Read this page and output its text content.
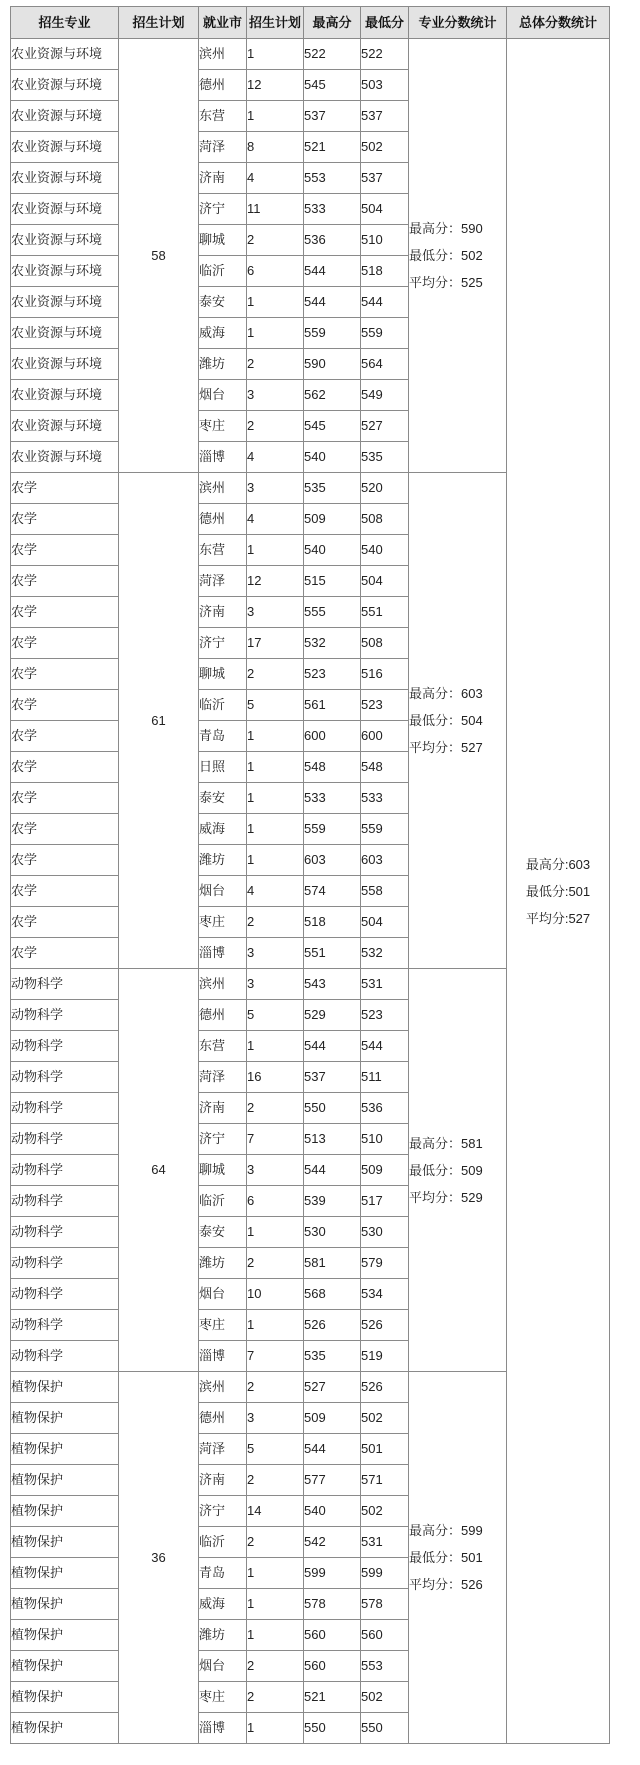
招生专业	招生计划	就业市	招生计划	最高分	最低分	专业分数统计	总体分数统计
农业资源与环境	58	滨州	1	522	522	最高分：590
最低分：502
平均分：525	最高分:603
最低分:501
平均分:527

农业资源与环境		德州	12	545	503		
农业资源与环境		东营	1	537	537		
农业资源与环境		菏泽	8	521	502		
农业资源与环境		济南	4	553	537		
农业资源与环境		济宁	11	533	504		
农业资源与环境		聊城	2	536	510		
农业资源与环境		临沂	6	544	518		
农业资源与环境		泰安	1	544	544		
农业资源与环境		威海	1	559	559		
农业资源与环境		潍坊	2	590	564		
农业资源与环境		烟台	3	562	549		
农业资源与环境		枣庄	2	545	527		
农业资源与环境		淄博	4	540	535		
农学	61	滨州	3	535	520	最高分：603
最低分：504
平均分：527	

农学		德州	4	509	508		
农学		东营	1	540	540		
农学		菏泽	12	515	504		
农学		济南	3	555	551		
农学		济宁	17	532	508		
农学		聊城	2	523	516		
农学		临沂	5	561	523		
农学		青岛	1	600	600		
农学		日照	1	548	548		
农学		泰安	1	533	533		
农学		威海	1	559	559		
农学		潍坊	1	603	603		
农学		烟台	4	574	558		
农学		枣庄	2	518	504		
农学		淄博	3	551	532		
动物科学	64	滨州	3	543	531	最高分：581
最低分：509
平均分：529	

动物科学		德州	5	529	523		
动物科学		东营	1	544	544		
动物科学		菏泽	16	537	511		
动物科学		济南	2	550	536		
动物科学		济宁	7	513	510		
动物科学		聊城	3	544	509		
动物科学		临沂	6	539	517		
动物科学		泰安	1	530	530		
动物科学		潍坊	2	581	579		
动物科学		烟台	10	568	534		
动物科学		枣庄	1	526	526		
动物科学		淄博	7	535	519		
植物保护	36	滨州	2	527	526	最高分：599
最低分：501
平均分：526	

植物保护		德州	3	509	502		
植物保护		菏泽	5	544	501		
植物保护		济南	2	577	571		
植物保护		济宁	14	540	502		
植物保护		临沂	2	542	531		
植物保护		青岛	1	599	599		
植物保护		威海	1	578	578		
植物保护		潍坊	1	560	560		
植物保护		烟台	2	560	553		
植物保护		枣庄	2	521	502		
植物保护		淄博	1	550	550		
